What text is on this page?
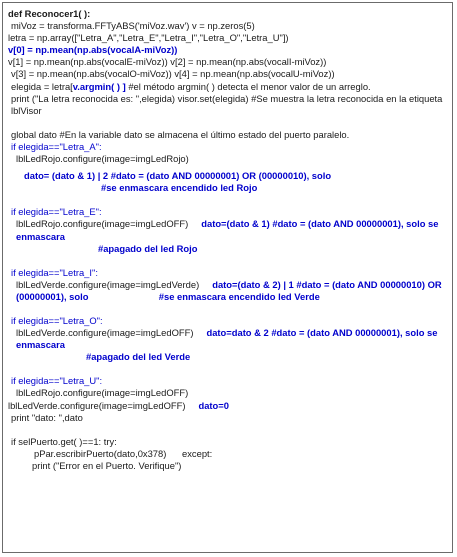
def Reconocer1( ):
miVoz = transforma.FFTyABS('miVoz.wav') v = np.zeros(5)
letra = np.array(["Letra_A","Letra_E","Letra_I","Letra_O","Letra_U"])
v[0] = np.mean(np.abs(vocalA-miVoz))
v[1] = np.mean(np.abs(vocalE-miVoz)) v[2] = np.mean(np.abs(vocalI-miVoz))
v[3] = np.mean(np.abs(vocalO-miVoz)) v[4] = np.mean(np.abs(vocalU-miVoz))
elegida = letra[v.argmin( ) ] #el método argmin( ) detecta el menor valor de un arreglo.
print ("La letra reconocida es: ",elegida) visor.set(elegida) #Se muestra la letra reconocida en la etiqueta lblVisor
global dato #En la variable dato se almacena el último estado del puerto paralelo.
if elegida=="Letra_A":
lblLedRojo.configure(image=imgLedRojo)
dato= (dato & 1) | 2 #dato = (dato AND 00000001) OR (00000010), solo
#se enmascara encendido led Rojo
if elegida=="Letra_E":
lblLedRojo.configure(image=imgLedOFF) dato=(dato & 1) #dato = (dato AND 00000001), solo se enmascara
#apagado del led Rojo
if elegida=="Letra_I":
lblLedVerde.configure(image=imgLedVerde) dato=(dato & 2) | 1 #dato = (dato AND 00000010) OR (00000001), solo	#se enmascara encendido led Verde
if elegida=="Letra_O":
lblLedVerde.configure(image=imgLedOFF) dato=dato & 2 #dato = (dato AND 00000001), solo se enmascara
#apagado del led Verde
if elegida=="Letra_U":
lblLedRojo.configure(image=imgLedOFF)
lblLedVerde.configure(image=imgLedOFF) dato=0
print "dato: ",dato
if selPuerto.get( )==1: try:
pPar.escribirPuerto(dato,0x378) except:
print ("Error en el Puerto. Verifique")
